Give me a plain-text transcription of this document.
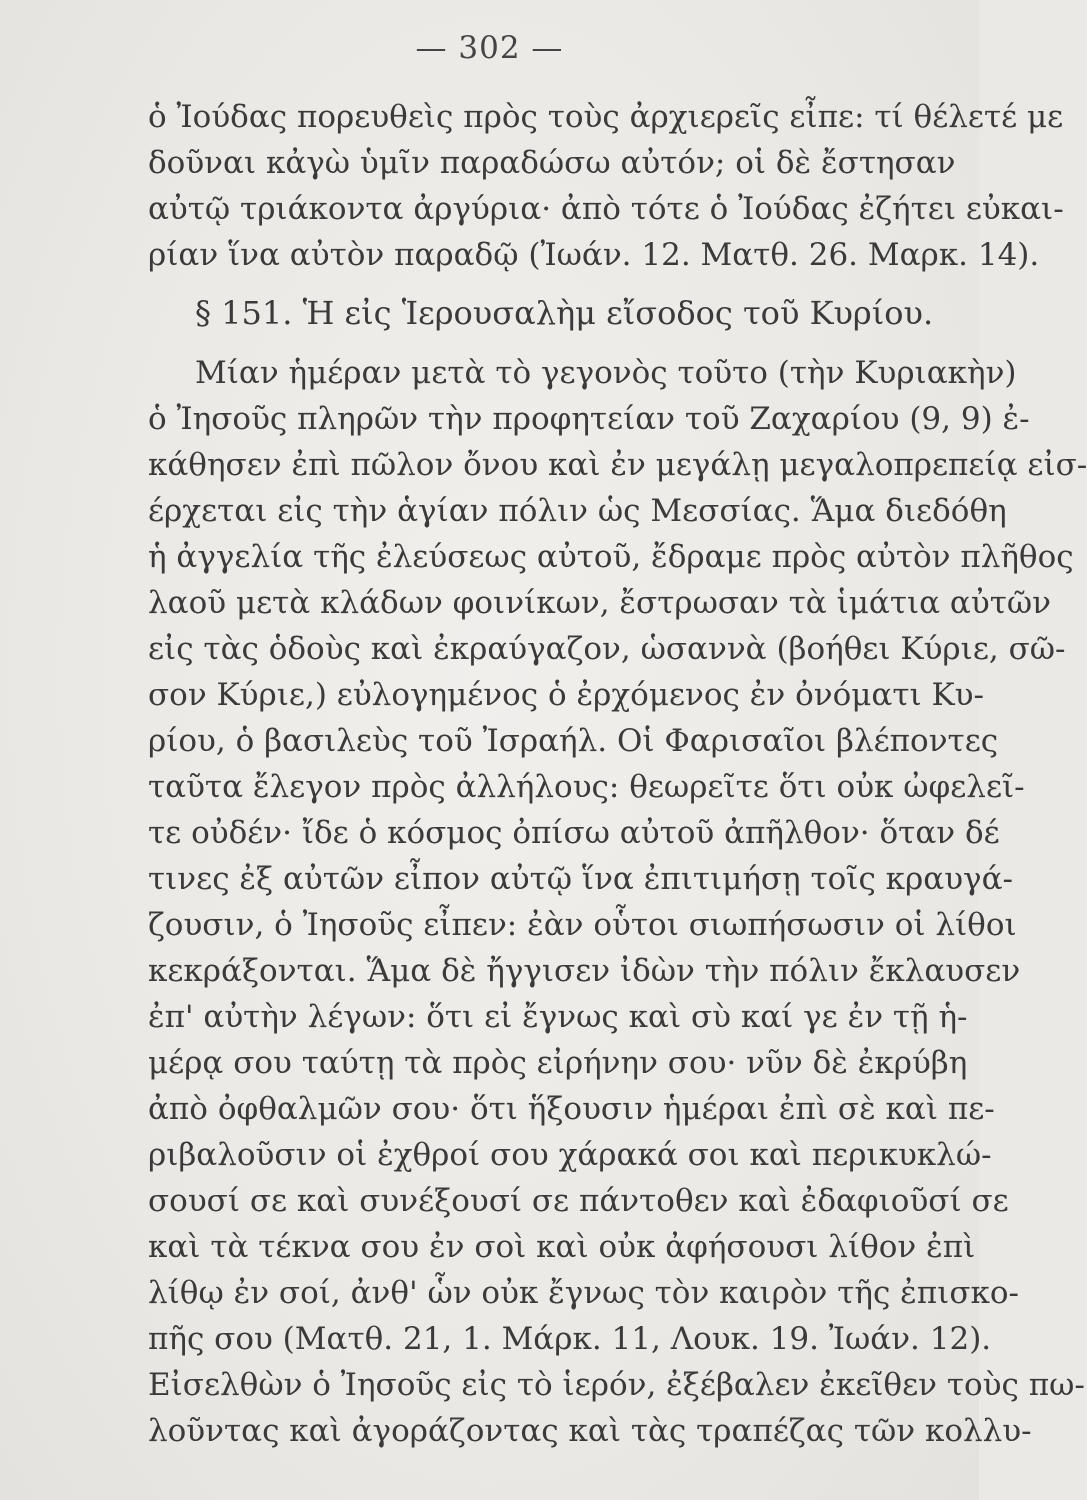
— 302 —
ὁ Ἰούδας πορευθεὶς πρὸς τοὺς ἀρχιερεῖς εἶπε: τί θέλετέ με
δοῦναι κἀγὼ ὑμῖν παραδώσω αὐτόν; οἱ δὲ ἔστησαν
αὐτῷ τριάκοντα ἀργύρια· ἀπὸ τότε ὁ Ἰούδας ἐζήτει εὐκαι-
ρίαν ἵνα αὐτὸν παραδῷ (Ἰωάν. 12. Ματθ. 26. Μαρκ. 14).
§ 151. Ἡ εἰς Ἱερουσαλὴμ εἴσοδος τοῦ Κυρίου.
Μίαν ἡμέραν μετὰ τὸ γεγονὸς τοῦτο (τὴν Κυριακὴν)
ὁ Ἰησοῦς πληρῶν τὴν προφητείαν τοῦ Ζαχαρίου (9, 9) ἐ-
κάθησεν ἐπὶ πῶλον ὄνου καὶ ἐν μεγάλῃ μεγαλοπρεπείᾳ εἰσ-
έρχεται εἰς τὴν ἁγίαν πόλιν ὡς Μεσσίας. Ἅμα διεδόθη
ἡ ἀγγελία τῆς ἐλεύσεως αὐτοῦ, ἔδραμε πρὸς αὐτὸν πλῆθος
λαοῦ μετὰ κλάδων φοινίκων, ἔστρωσαν τὰ ἱμάτια αὐτῶν
εἰς τὰς ὁδοὺς καὶ ἐκραύγαζον, ὡσαννὰ (βοήθει Κύριε, σῶ-
σον Κύριε,) εὐλογημένος ὁ ἐρχόμενος ἐν ὀνόματι Κυ-
ρίου, ὁ βασιλεὺς τοῦ Ἰσραήλ. Οἱ Φαρισαῖοι βλέποντες
ταῦτα ἔλεγον πρὸς ἀλλήλους: θεωρεῖτε ὅτι οὐκ ὠφελεῖ-
τε οὐδέν· ἴδε ὁ κόσμος ὀπίσω αὐτοῦ ἀπῆλθον· ὅταν δέ
τινες ἐξ αὐτῶν εἶπον αὐτῷ ἵνα ἐπιτιμήσῃ τοῖς κραυγά-
ζουσιν, ὁ Ἰησοῦς εἶπεν: ἐὰν οὗτοι σιωπήσωσιν οἱ λίθοι
κεκράξονται. Ἅμα δὲ ἤγγισεν ἰδὼν τὴν πόλιν ἔκλαυσεν
ἐπ' αὐτὴν λέγων: ὅτι εἰ ἔγνως καὶ σὺ καί γε ἐν τῇ ἡ-
μέρᾳ σου ταύτῃ τὰ πρὸς εἰρήνην σου· νῦν δὲ ἐκρύβη
ἀπὸ ὀφθαλμῶν σου· ὅτι ἥξουσιν ἡμέραι ἐπὶ σὲ καὶ πε-
ριβαλοῦσιν οἱ ἐχθροί σου χάρακά σοι καὶ περικυκλώ-
σουσί σε καὶ συνέξουσί σε πάντοθεν καὶ ἐδαφιοῦσί σε
καὶ τὰ τέκνα σου ἐν σοὶ καὶ οὐκ ἀφήσουσι λίθον ἐπὶ
λίθῳ ἐν σοί, ἀνθ' ὧν οὐκ ἔγνως τὸν καιρὸν τῆς ἐπισκο-
πῆς σου (Ματθ. 21, 1. Μάρκ. 11, Λουκ. 19. Ἰωάν. 12).
Εἰσελθὼν ὁ Ἰησοῦς εἰς τὸ ἱερόν, ἐξέβαλεν ἐκεῖθεν τοὺς πω-
λοῦντας καὶ ἀγοράζοντας καὶ τὰς τραπέζας τῶν κολλυ-
